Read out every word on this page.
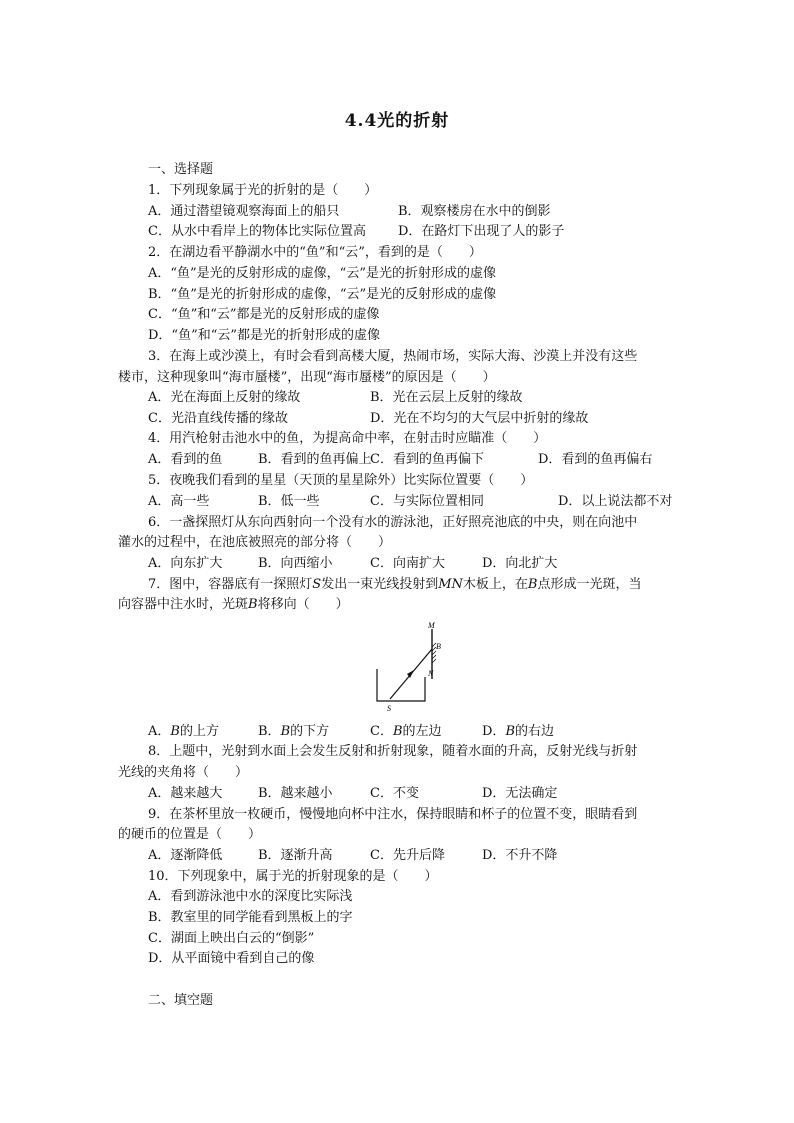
4.4光的折射
一、选择题
1．下列现象属于光的折射的是（　　）
A．通过潜望镜观察海面上的船只	B．观察楼房在水中的倒影
C．从水中看岸上的物体比实际位置高 D．在路灯下出现了人的影子
2．在湖边看平静湖水中的“鱼”和“云”，看到的是（　　）
A．“鱼”是光的反射形成的虚像，“云”是光的折射形成的虚像
B．“鱼”是光的折射形成的虚像，“云”是光的反射形成的虚像
C．“鱼”和“云”都是光的反射形成的虚像
D．“鱼”和“云”都是光的折射形成的虚像
3．在海上或沙漠上，有时会看到高楼大厦，热闹市场，实际大海、沙漠上并没有这些
楼市，这种现象叫“海市蜃楼”，出现“海市蜃楼”的原因是（　　）
A．光在海面上反射的缘故	B．光在云层上反射的缘故
C．光沿直线传播的缘故	D．光在不均匀的大气层中折射的缘故
4．用汽枪射击池水中的鱼，为提高命中率，在射击时应瞄准（　　）
A．看到的鱼	B．看到的鱼再偏上
C．看到的鱼再偏下	D．看到的鱼再偏右
5．夜晚我们看到的星星（天顶的星星除外）比实际位置要（　　）
A．高一些	B．低一些	C．与实际位置相同	D．以上说法都不对
6．一盏探照灯从东向西射向一个没有水的游泳池，正好照亮池底的中央，则在向池中
灌水的过程中，在池底被照亮的部分将（　　）
A．向东扩大	B．向西缩小	C．向南扩大	D．向北扩大
7．图中，容器底有一探照灯S发出一束光线投射到MN木板上，在B点形成一光斑，当
向容器中注水时，光斑B将移向（　　）
M
B
N
S
A．B的上方	B．B的下方	C．B的左边	D．B的右边
8．上题中，光射到水面上会发生反射和折射现象，随着水面的升高，反射光线与折射
光线的夹角将（　　）
A．越来越大	B．越来越小	C．不变	D．无法确定
9．在茶杯里放一枚硬币，慢慢地向杯中注水，保持眼睛和杯子的位置不变，眼睛看到
的硬币的位置是（　　）
A．逐渐降低	B．逐渐升高	C．先升后降	D．不升不降
10．下列现象中，属于光的折射现象的是（　　）
A．看到游泳池中水的深度比实际浅
B．教室里的同学能看到黑板上的字
C．湖面上映出白云的“倒影”
D．从平面镜中看到自己的像
二、填空题
